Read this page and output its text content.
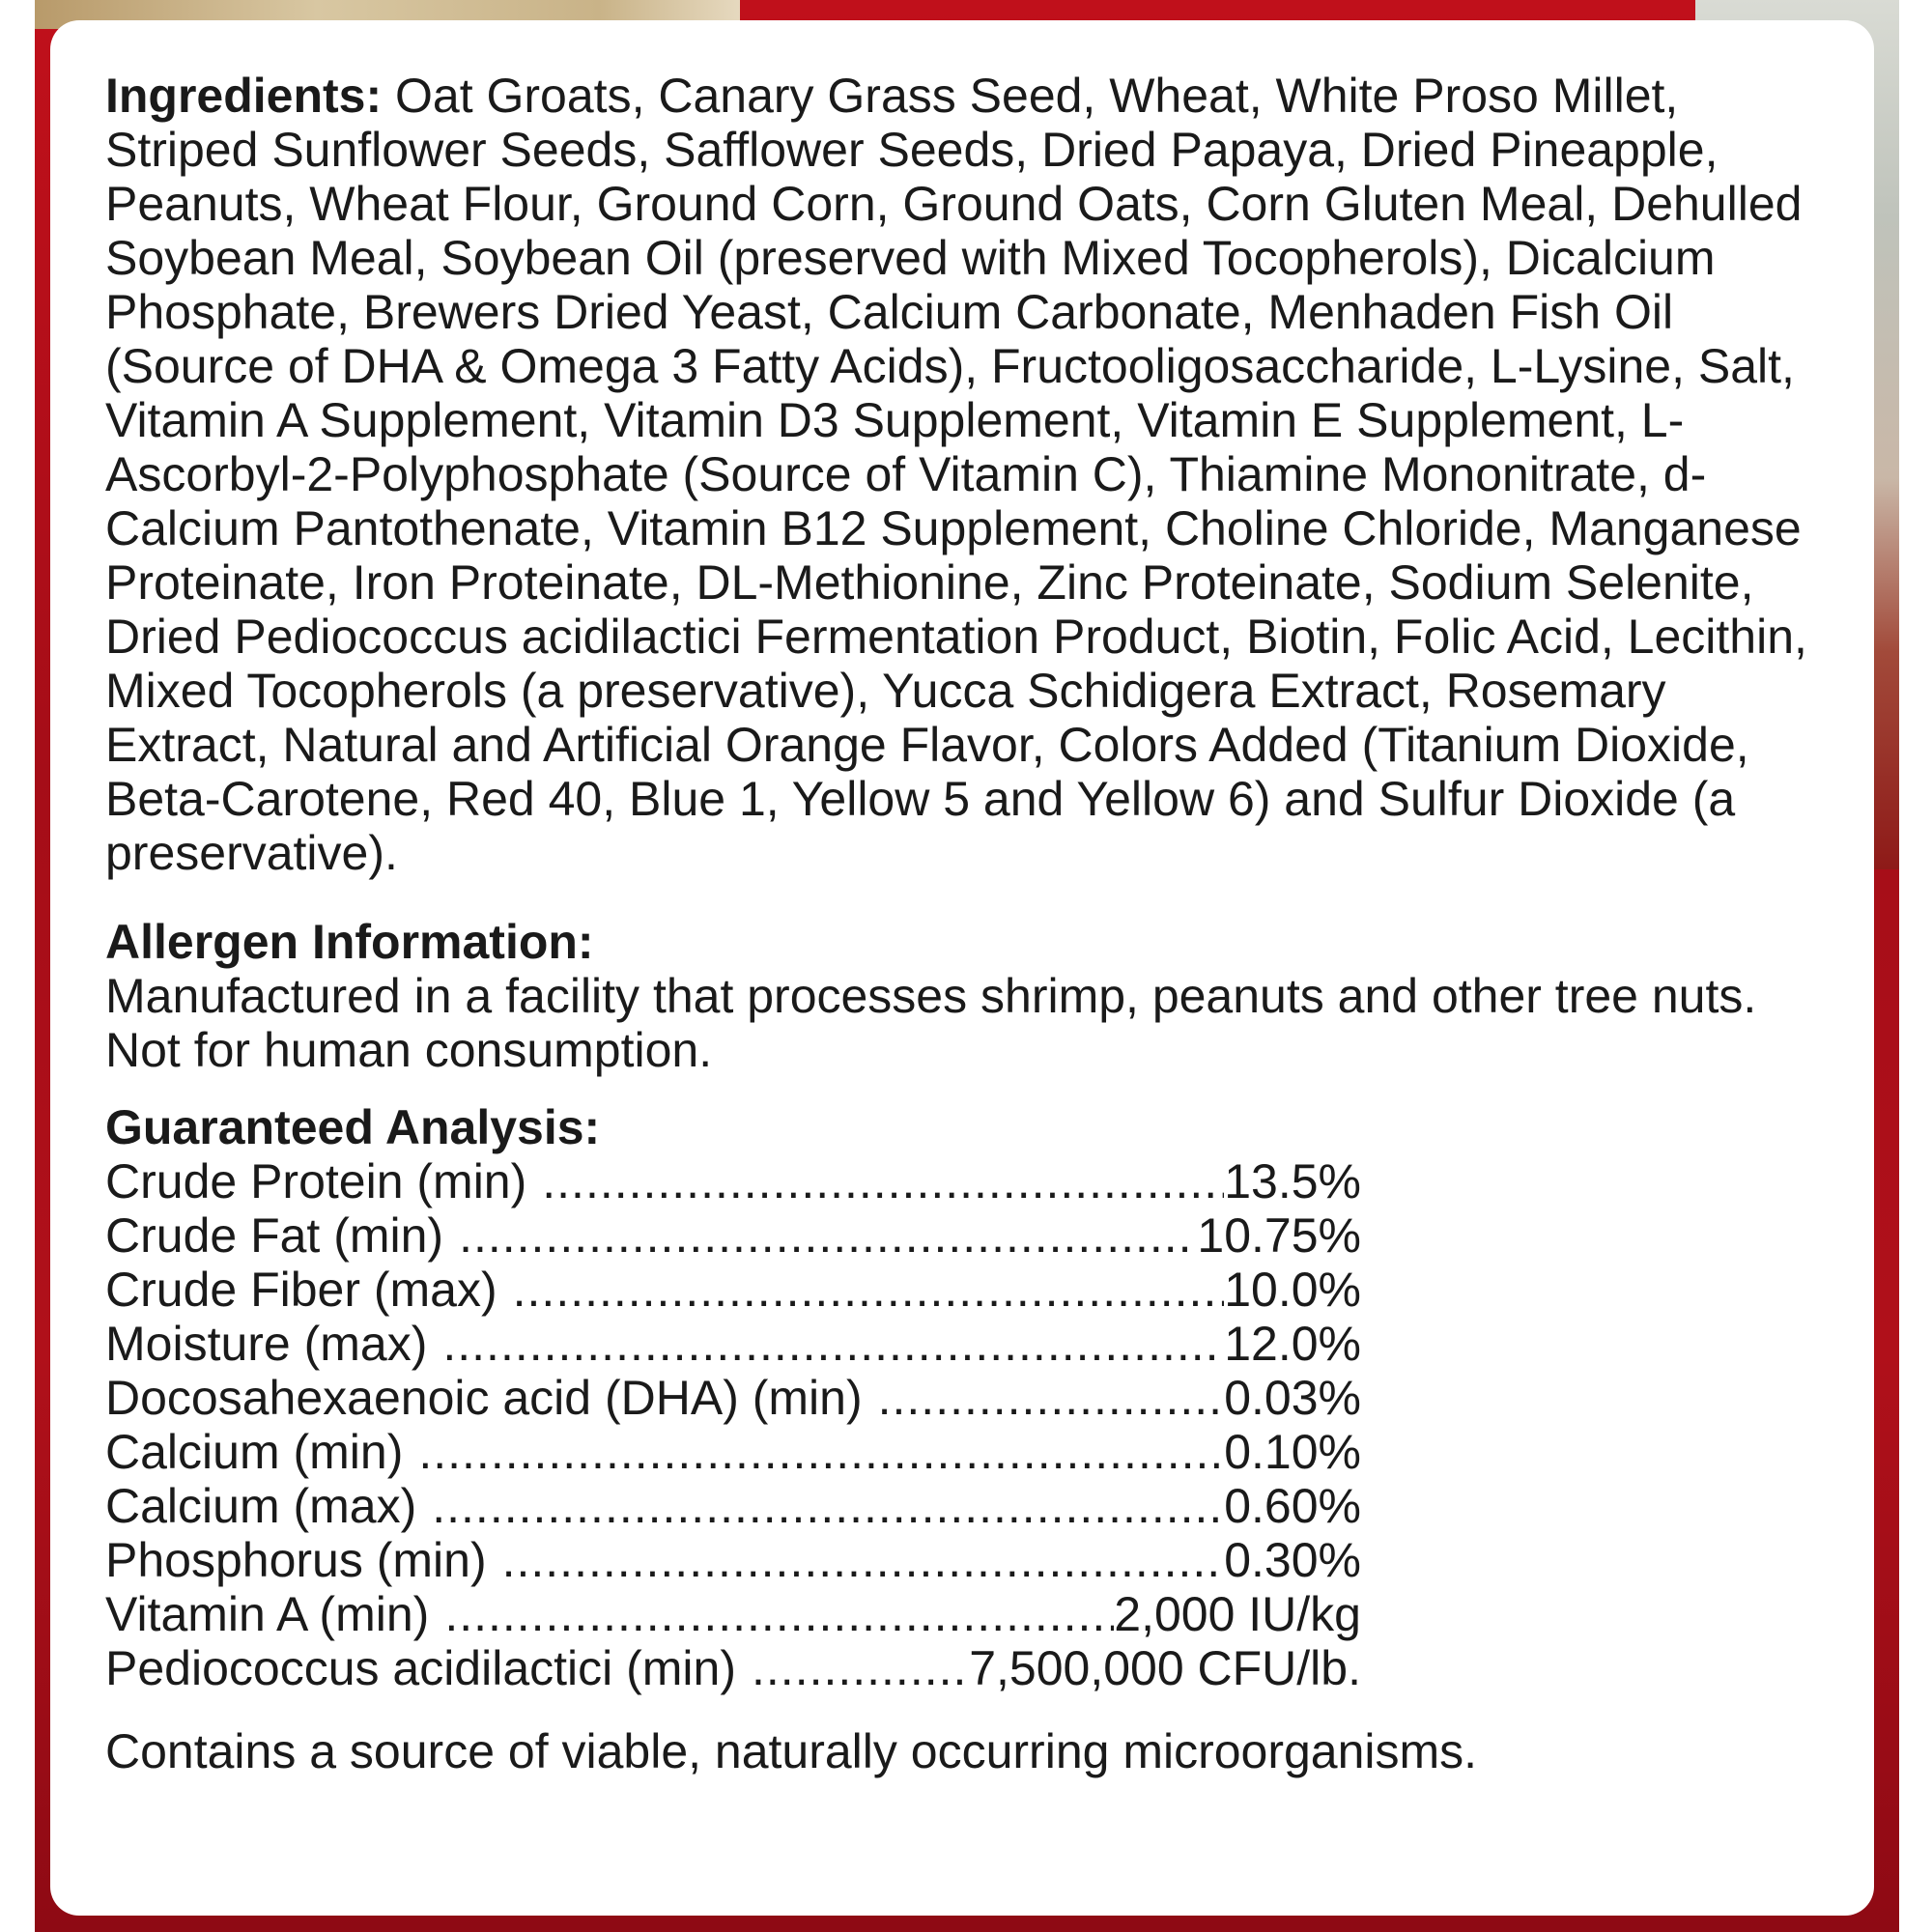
Ingredients: Oat Groats, Canary Grass Seed, Wheat, White Proso Millet, Striped Sunflower Seeds, Safflower Seeds, Dried Papaya, Dried Pineapple, Peanuts, Wheat Flour, Ground Corn, Ground Oats, Corn Gluten Meal, Dehulled Soybean Meal, Soybean Oil (preserved with Mixed Tocopherols), Dicalcium Phosphate, Brewers Dried Yeast, Calcium Carbonate, Menhaden Fish Oil (Source of DHA & Omega 3 Fatty Acids), Fructooligosaccharide, L-Lysine, Salt, Vitamin A Supplement, Vitamin D3 Supplement, Vitamin E Supplement, L-Ascorbyl-2-Polyphosphate (Source of Vitamin C), Thiamine Mononitrate, d-Calcium Pantothenate, Vitamin B12 Supplement, Choline Chloride, Manganese Proteinate, Iron Proteinate, DL-Methionine, Zinc Proteinate, Sodium Selenite, Dried Pediococcus acidilactici Fermentation Product, Biotin, Folic Acid, Lecithin, Mixed Tocopherols (a preservative), Yucca Schidigera Extract, Rosemary Extract, Natural and Artificial Orange Flavor, Colors Added (Titanium Dioxide, Beta-Carotene, Red 40, Blue 1, Yellow 5 and Yellow 6) and Sulfur Dioxide (a preservative).

Allergen Information:

Manufactured in a facility that processes shrimp, peanuts and other tree nuts. Not for human consumption.

Guaranteed Analysis:

Crude Protein (min) .....	13.5%
Crude Fat (min) .....	10.75%
Crude Fiber (max) .....	10.0%
Moisture (max) .....	12.0%
Docosahexaenoic acid (DHA) (min) .....	0.03%
Calcium (min) .....	0.10%
Calcium (max) .....	0.60%
Phosphorus (min) .....	0.30%
Vitamin A (min) .....	2,000 IU/kg
Pediococcus acidilactici (min) .....	7,500,000 CFU/lb.

Contains a source of viable, naturally occurring microorganisms.
